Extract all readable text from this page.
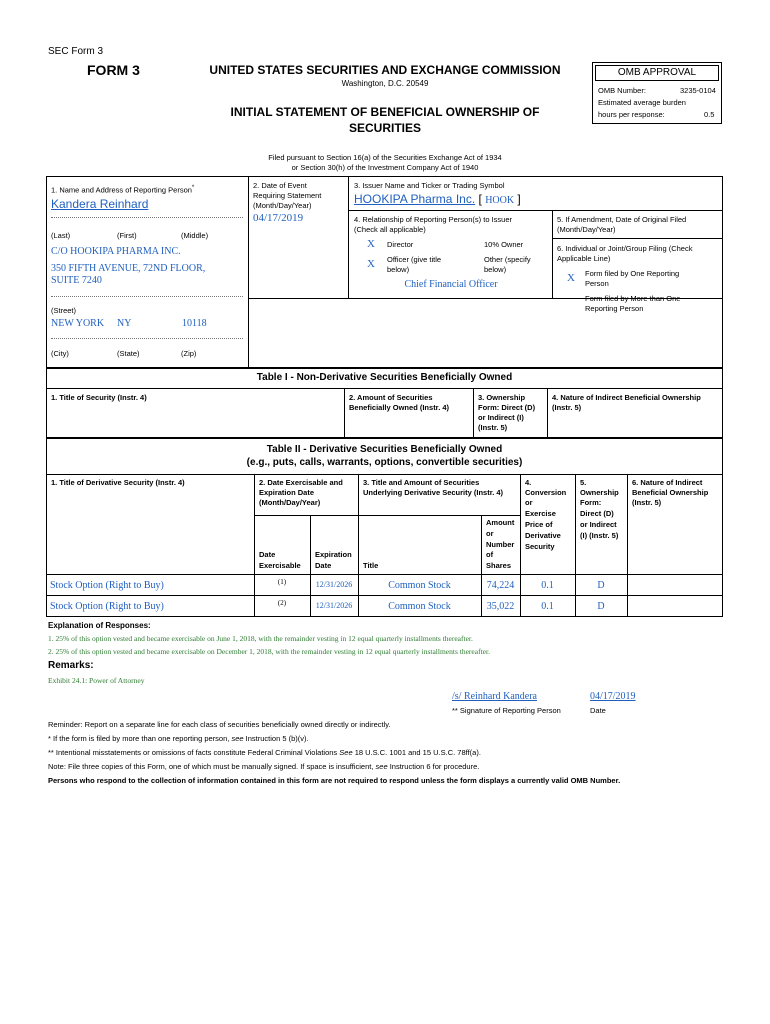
SEC Form 3
FORM 3	UNITED STATES SECURITIES AND EXCHANGE COMMISSION
Washington, D.C. 20549
INITIAL STATEMENT OF BENEFICIAL OWNERSHIP OF
SECURITIES
OMB APPROVAL
OMB Number:	3235-0104
Estimated average burden
hours per response:	0.5
Filed pursuant to Section 16(a) of the Securities Exchange Act of 1934
or Section 30(h) of the Investment Company Act of 1940
1. Name and Address of Reporting Person*
Kandera Reinhard
(Last)	(First)	(Middle)
C/O HOOKIPA PHARMA INC.
350 FIFTH AVENUE, 72ND FLOOR,
SUITE 7240
(Street)
NEW YORK NY	10118
(City)	(State)	(Zip)
2. Date of Event
Requiring Statement
(Month/Day/Year)
04/17/2019
3. Issuer Name and Ticker or Trading Symbol
HOOKIPA Pharma Inc. [ HOOK ]
4. Relationship of Reporting Person(s) to Issuer
(Check all applicable)
X Director	10% Owner
X Officer (give title
below)
Other (specify
below)
Chief Financial Officer
5. If Amendment, Date of Original Filed
(Month/Day/Year)
6. Individual or Joint/Group Filing (Check
Applicable Line)
X Form filed by One Reporting
Person
Form filed by More than One
Reporting Person
Table I - Non-Derivative Securities Beneficially Owned
1. Title of Security (Instr. 4)	2. Amount of Securities
Beneficially Owned (Instr. 4)
3. Ownership
Form: Direct (D)
or Indirect (I)
(Instr. 5)
4. Nature of Indirect Beneficial Ownership
(Instr. 5)
Table II - Derivative Securities Beneficially Owned
(e.g., puts, calls, warrants, options, convertible securities)
1. Title of Derivative Security (Instr. 4)	2. Date Exercisable and
Expiration Date
(Month/Day/Year)
3. Title and Amount of Securities
Underlying Derivative Security (Instr. 4)
4.
Conversion
or
Exercise
Price of
Derivative
Security
5.
Ownership
Form:
Direct (D)
or Indirect
(I) (Instr. 5)
6. Nature of Indirect
Beneficial Ownership
(Instr. 5)
Date
Exercisable
Expiration
Date	Title
Amount
or
Number
of
Shares
Stock Option (Right to Buy)	(1)	12/31/2026	Common Stock	74,224	0.1	D
Stock Option (Right to Buy)	(2)	12/31/2026	Common Stock	35,022	0.1	D
Explanation of Responses:
1. 25% of this option vested and became exercisable on June 1, 2018, with the remainder vesting in 12 equal quarterly installments thereafter.
2. 25% of this option vested and became exercisable on December 1, 2018, with the remainder vesting in 12 equal quarterly installments thereafter.
Remarks:
Exhibit 24.1: Power of Attorney
/s/ Reinhard Kandera	04/17/2019
** Signature of Reporting Person	Date
Reminder: Report on a separate line for each class of securities beneficially owned directly or indirectly.
* If the form is filed by more than one reporting person, see Instruction 5 (b)(v).
** Intentional misstatements or omissions of facts constitute Federal Criminal Violations See 18 U.S.C. 1001 and 15 U.S.C. 78ff(a).
Note: File three copies of this Form, one of which must be manually signed. If space is insufficient, see Instruction 6 for procedure.
Persons who respond to the collection of information contained in this form are not required to respond unless the form displays a currently valid OMB Number.
